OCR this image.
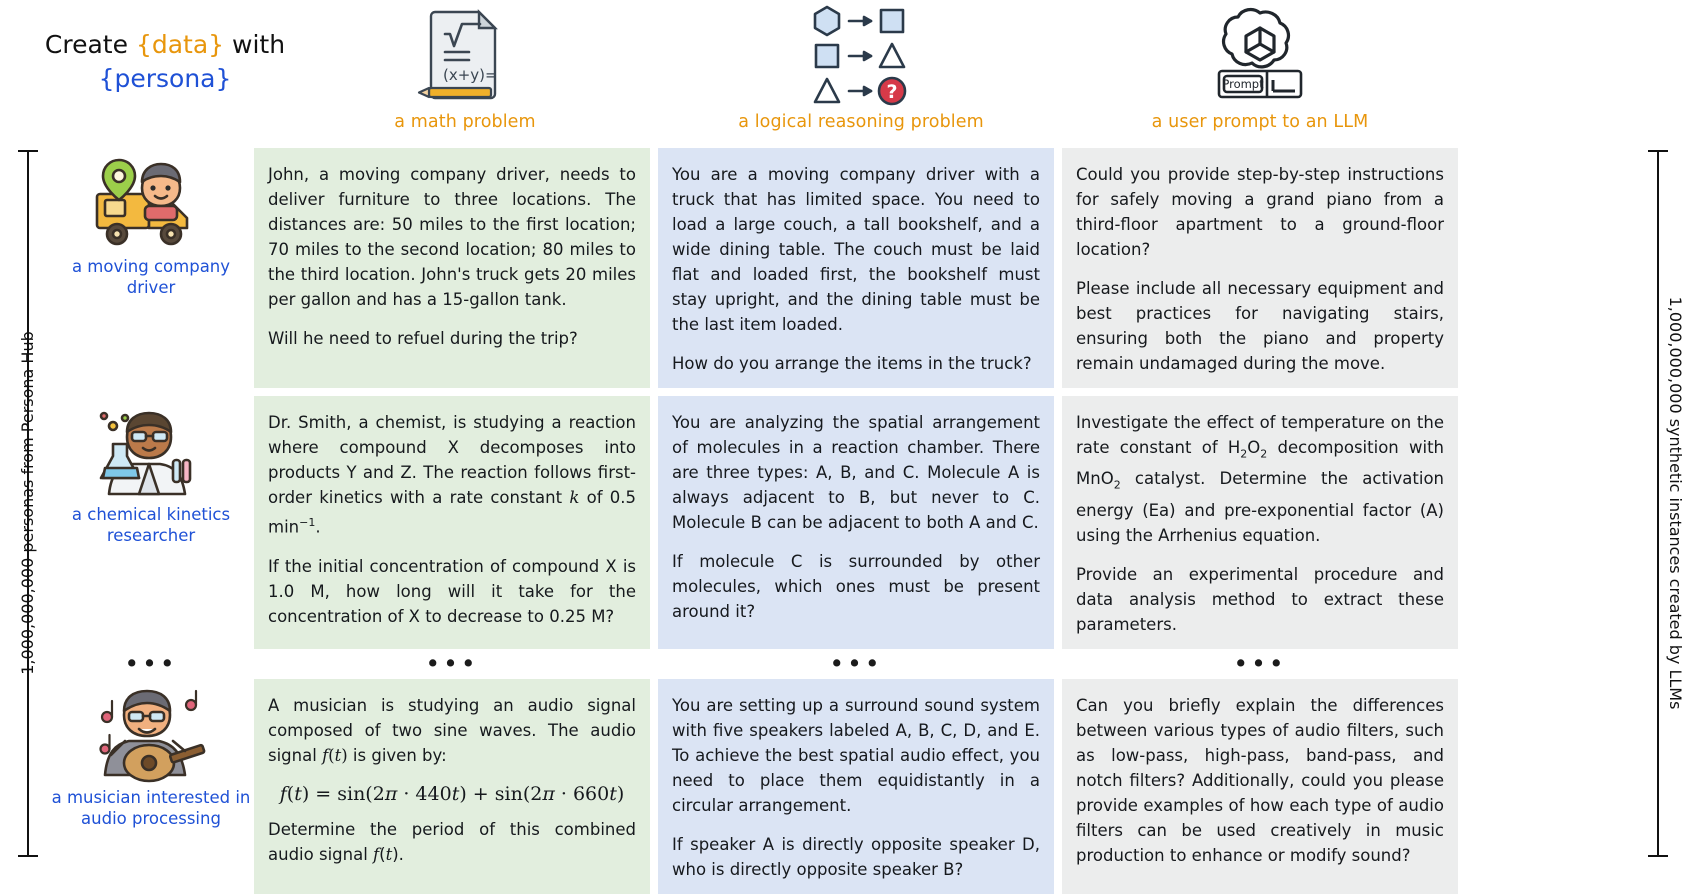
Create {data} with
{persona}	(x+y)=
a math problem
?
a logical reasoning problem
Prompt
a user prompt to an LLM
1,000,000,000 personas from Persona Hub	1,000,000,000 synthetic instances created by LLMs
a moving company driver

John, a moving company driver, needs to deliver furniture to three locations. The distances are: 50 miles to the first location; 70 miles to the second location; 80 miles to the third location. John's truck gets 20 miles per gallon and has a 15-gallon tank.

Will he need to refuel during the trip?

You are a moving company driver with a truck that has limited space. You need to load a large couch, a tall bookshelf, and a wide dining table. The couch must be laid flat and loaded first, the bookshelf must stay upright, and the dining table must be the last item loaded.

How do you arrange the items in the truck?

Could you provide step-by-step instructions for safely moving a grand piano from a third-floor apartment to a ground-floor location?

Please include all necessary equipment and best practices for navigating stairs, ensuring both the piano and property remain undamaged during the move.

a chemical kinetics researcher

Dr. Smith, a chemist, is studying a reaction where compound X decomposes into products Y and Z. The reaction follows first-order kinetics with a rate constant k of 0.5 $\min^{-1}$.

If the initial concentration of compound X is 1.0 M, how long will it take for the concentration of X to decrease to 0.25 M?

You are analyzing the spatial arrangement of molecules in a reaction chamber. There are three types: A, B, and C. Molecule A is always adjacent to B, but never to C. Molecule B can be adjacent to both A and C.

If molecule C is surrounded by other molecules, which ones must be present around it?

Investigate the effect of temperature on the rate constant of $H_2O_2$ decomposition with MnO$_2$ catalyst. Determine the activation energy (Ea) and pre-exponential factor (A) using the Arrhenius equation.

Provide an experimental procedure and data analysis method to extract these parameters.

•••	•••	•••	•••
a musician interested in audio processing

A musician is studying an audio signal composed of two sine waves. The audio signal f(t) is given by:

f(t) = sin(2π · 440t) + sin(2π · 660t)

Determine the period of this combined audio signal f(t).

You are setting up a surround sound system with five speakers labeled A, B, C, D, and E. To achieve the best spatial audio effect, you need to place them equidistantly in a circular arrangement.

If speaker A is directly opposite speaker D, who is directly opposite speaker B?

Can you briefly explain the differences between various types of audio filters, such as low-pass, high-pass, band-pass, and notch filters? Additionally, could you please provide examples of how each type of audio filters can be used creatively in music production to enhance or modify sound?
